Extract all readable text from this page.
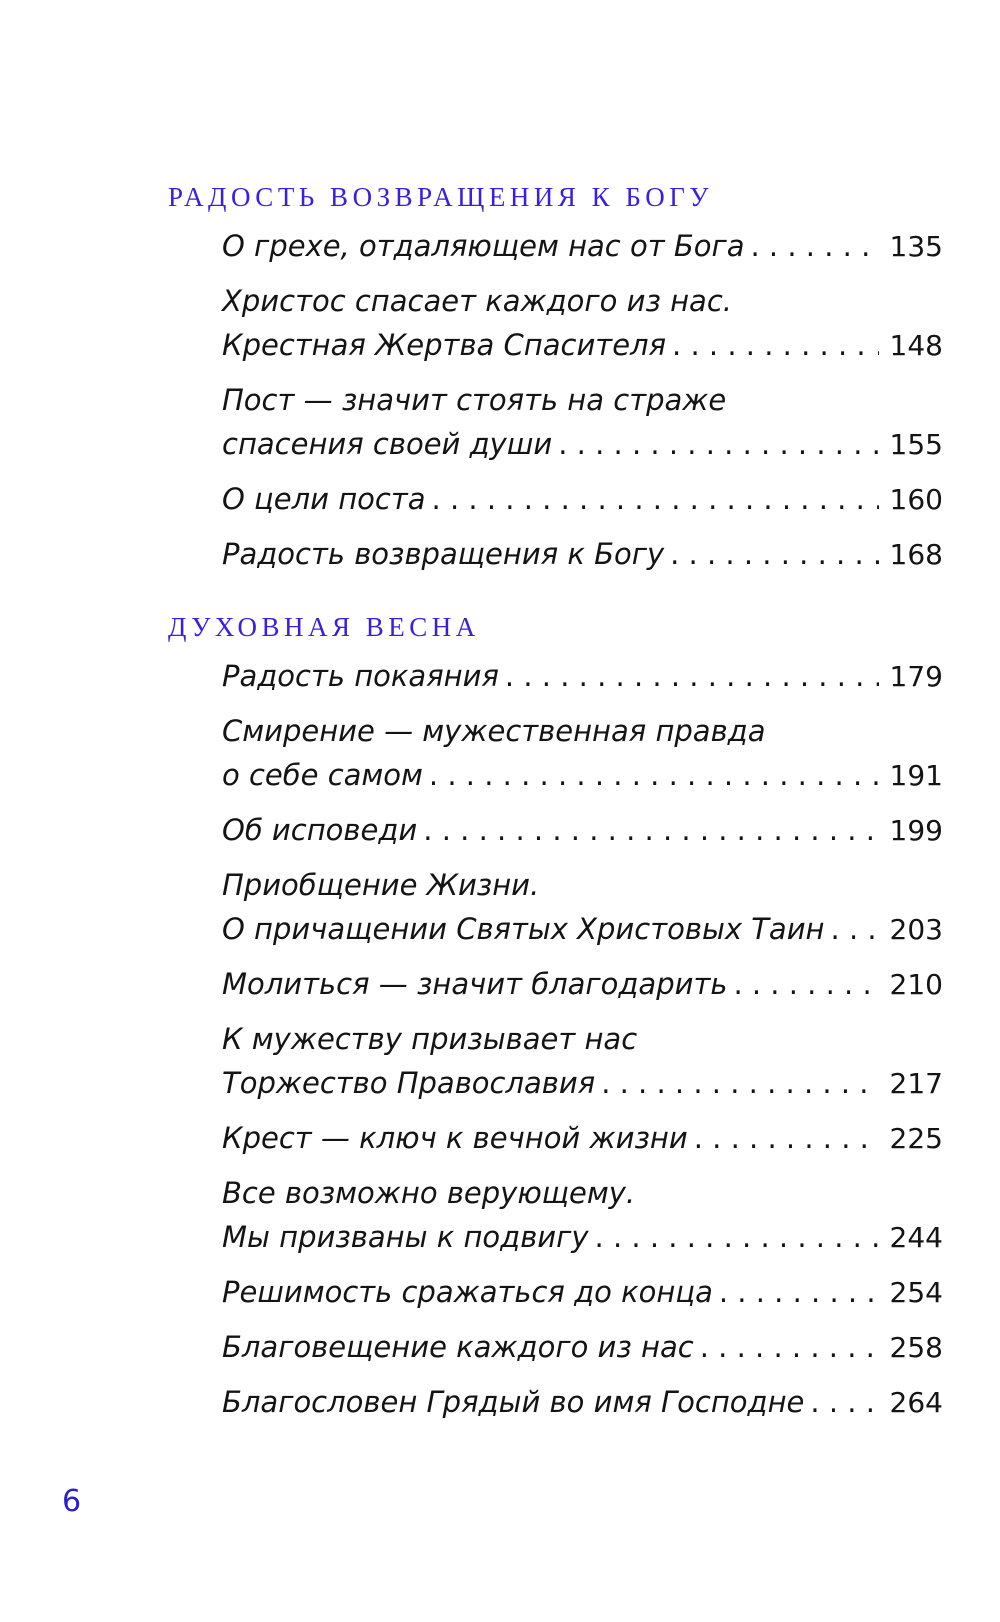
РАДОСТЬ ВОЗВРАЩЕНИЯ К БОГУ
О грехе, отдаляющем нас от Бога . . .	135
Христос спасает каждого из нас.
Крестная Жертва Спасителя . . .	148
Пост — значит стоять на страже
спасения своей души . . .	155
О цели поста . . .	160
Радость возвращения к Богу . . .	168
ДУХОВНАЯ ВЕСНА
Радость покаяния . . .	179
Смирение — мужественная правда
о себе самом . . .	191
Об исповеди . . .	199
Приобщение Жизни.
О причащении Святых Христовых Таин . . . 203
Молиться — значит благодарить . . .	210
К мужеству призывает нас
Торжество Православия . . .	217
Крест — ключ к вечной жизни . . .	225
Все возможно верующему.
Мы призваны к подвигу . . .	244
Решимость сражаться до конца . . .	254
Благовещение каждого из нас . . .	258
Благословен Грядый во имя Господне . . .	264
6
